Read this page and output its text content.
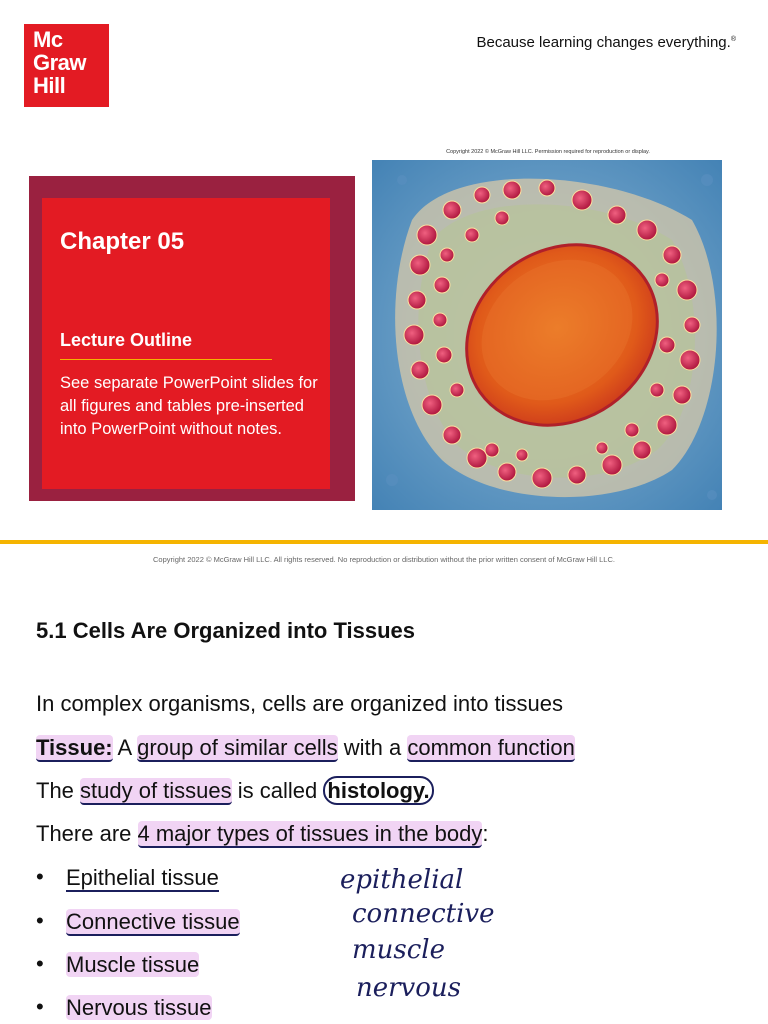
Mc
Graw
Hill
Because learning changes everything.®
Chapter 05
Lecture Outline
See separate PowerPoint slides for all figures and tables pre-inserted into PowerPoint without notes.
Copyright 2022 © McGraw Hill LLC. Permission required for reproduction or display.
Copyright 2022 © McGraw Hill LLC. All rights reserved. No reproduction or distribution without the prior written consent of McGraw Hill LLC.
5.1 Cells Are Organized into Tissues
In complex organisms, cells are organized into tissues
Tissue: A group of similar cells with a common function
The study of tissues is called histology.
There are 4 major types of tissues in the body:
• Epithelial tissue
• Connective tissue
• Muscle tissue
• Nervous tissue
epithelial
connective
muscle
nervous
